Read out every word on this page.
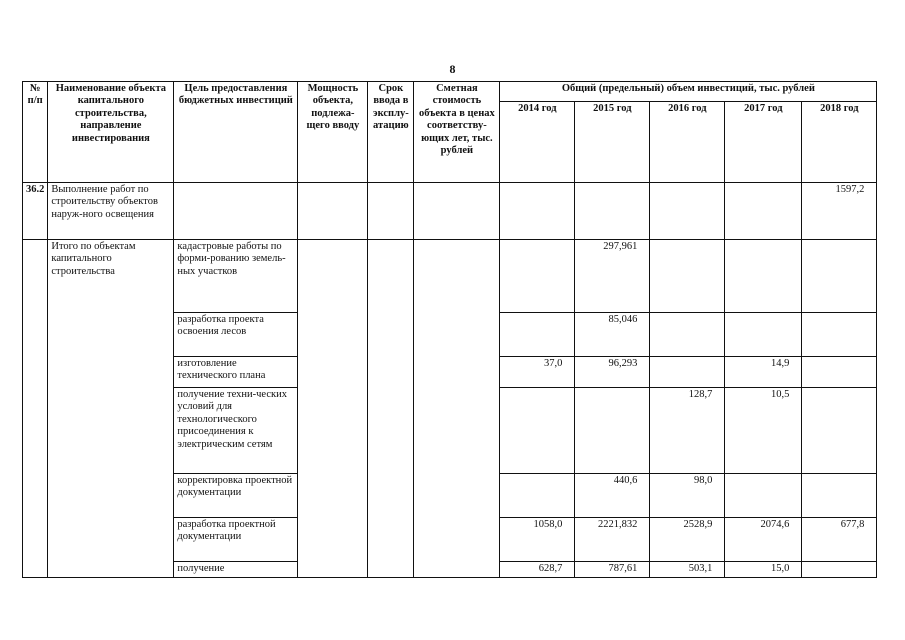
8
№ п/п	Наименование объекта капитального строительства, направление инвестирования	Цель предоставления бюджетных инвестиций	Мощность объекта, подлежа-щего вводу	Срок ввода в эксплу-атацию	Сметная стоимость объекта в ценах соответству-ющих лет, тыс. рублей	Общий (предельный) объем инвестиций, тыс. рублей				
						2014 год	2015 год	2016 год	2017 год	2018 год
36.2	Выполнение работ по строительству объектов наруж-ного освещения									1597,2
	Итого по объектам капитального строительства	кадастровые работы по форми-рованию земель-ных участков					297,961			
		разработка проекта освоения лесов					85,046			
		изготовление технического плана				37,0	96,293		14,9	
		получение техни-ческих условий для технологического присоединения к электрическим сетям						128,7	10,5	
		корректировка проектной документации					440,6	98,0		
		разработка проектной документации				1058,0	2221,832	2528,9	2074,6	677,8
		получение				628,7	787,61	503,1	15,0	
